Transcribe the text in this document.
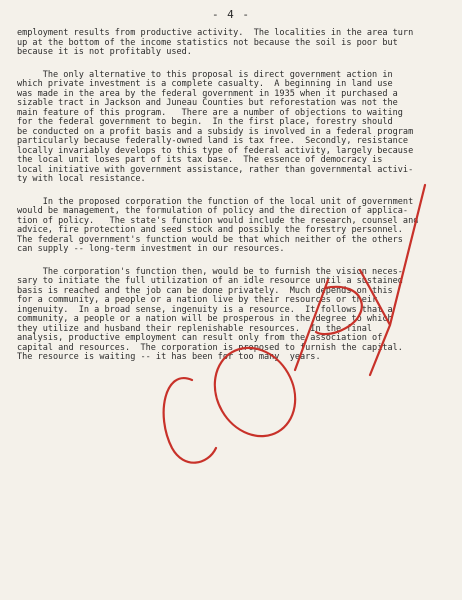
- 4 -

employment results from productive activity.  The localities in the area turn
up at the bottom of the income statistics not because the soil is poor but
because it is not profitably used.

The only alternative to this proposal is direct government action in
which private investment is a complete casualty.  A beginning in land use
was made in the area by the federal government in 1935 when it purchased a
sizable tract in Jackson and Juneau Counties but reforestation was not the
main feature of this program.   There are a number of objections to waiting
for the federal government to begin.  In the first place, forestry should
be conducted on a profit basis and a subsidy is involved in a federal program
particularly because federally-owned land is tax free.  Secondly, resistance
locally invariably develops to this type of federal activity, largely because
the local unit loses part of its tax base.  The essence of democracy is
local initiative with government assistance, rather than governmental activi-
ty with local resistance.

In the proposed corporation the function of the local unit of government
would be management, the formulation of policy and the direction of applica-
tion of policy.   The state's function would include the research, counsel and
advice, fire protection and seed stock and possibly the forestry personnel.
The federal government's function would be that which neither of the others
can supply -- long-term investment in our resources.

The corporation's function then, would be to furnish the vision neces-
sary to initiate the full utilization of an idle resource until a sustained
basis is reached and the job can be done privately.  Much depends on this
for a community, a people or a nation live by their resources or their
ingenuity.  In a broad sense, ingenuity is a resource.  It follows that a
community, a people or a nation will be prosperous in the degree to which
they utilize and husband their replenishable resources.  In the final
analysis, productive employment can result only from the association of
capital and resources.  The corporation is proposed to furnish the capital.
The resource is waiting -- it has been for too many  years.
